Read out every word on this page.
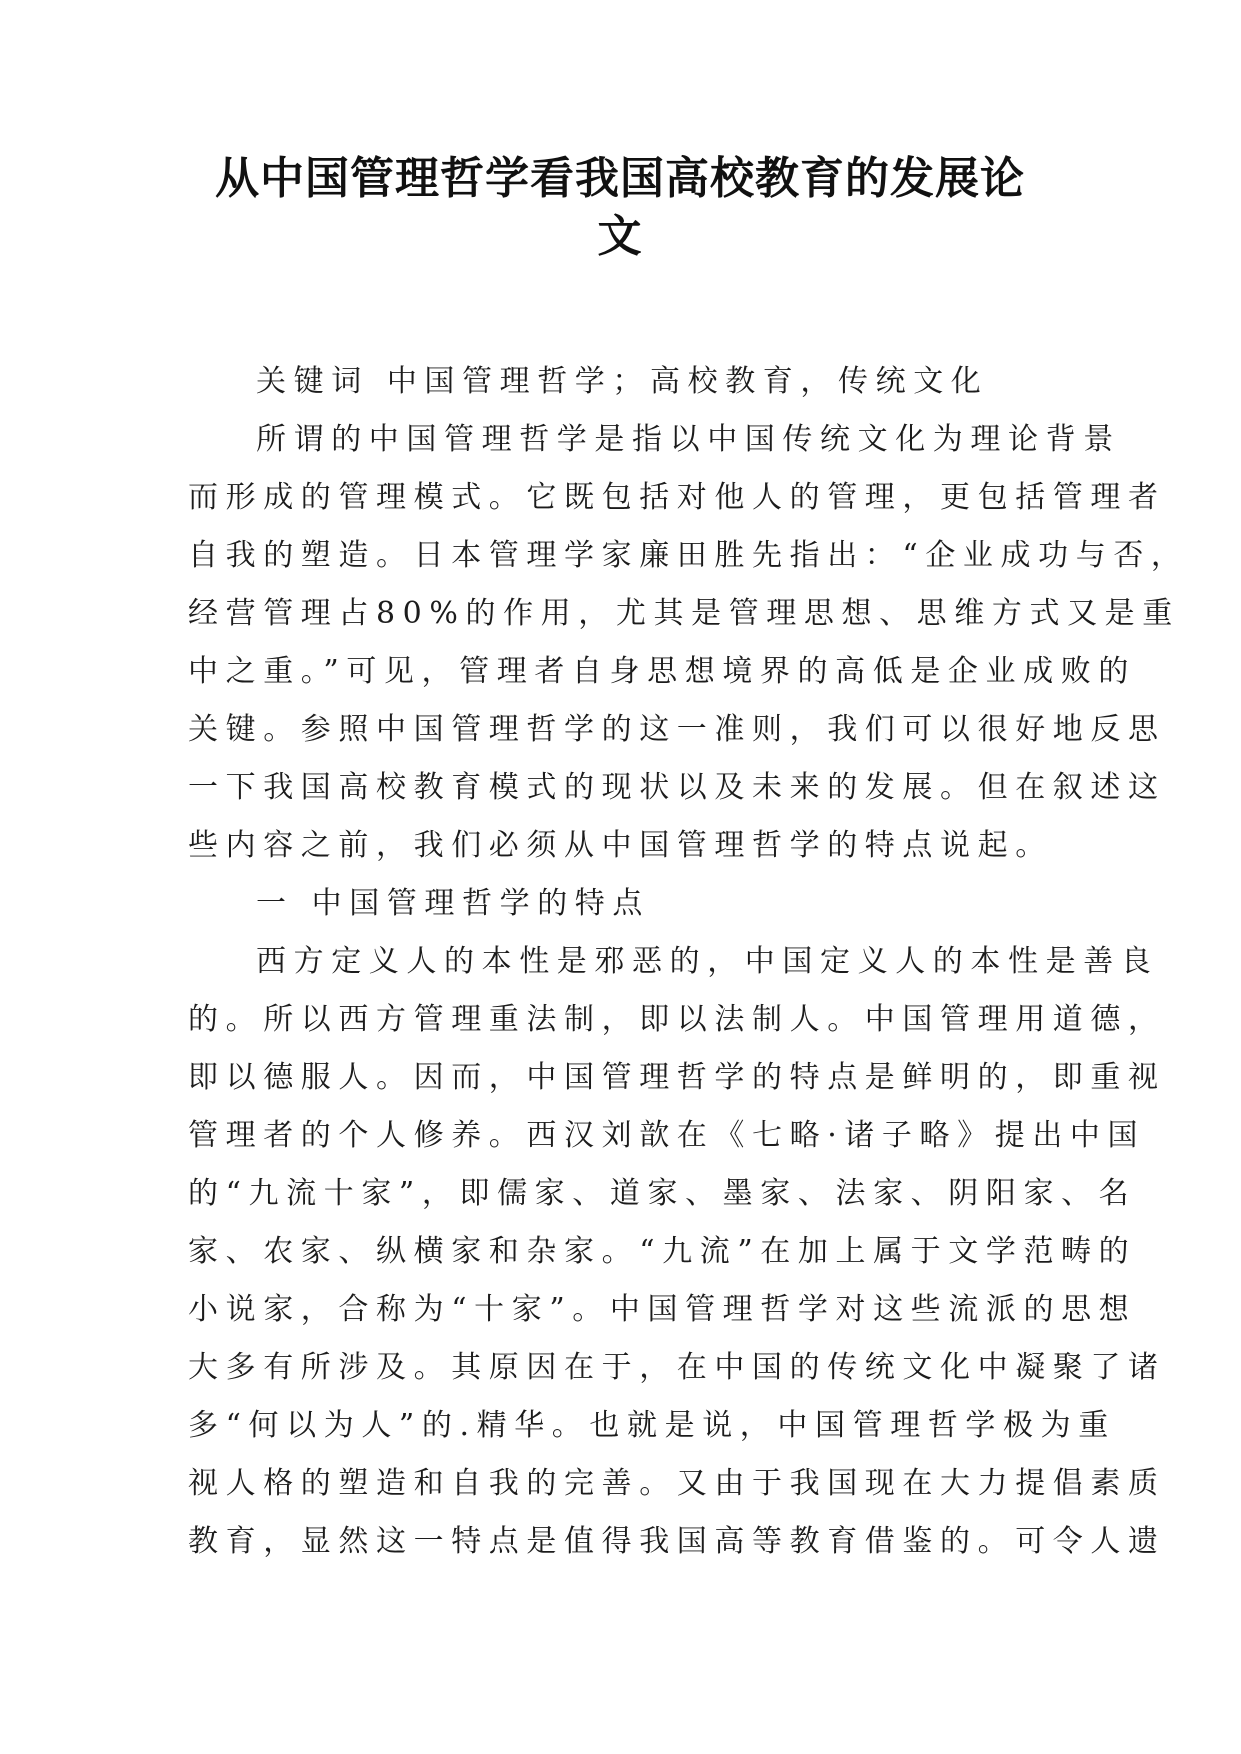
从中国管理哲学看我国高校教育的发展论
文
关键词 中国管理哲学；高校教育，传统文化
所谓的中国管理哲学是指以中国传统文化为理论背景
而形成的管理模式。它既包括对他人的管理，更包括管理者
自我的塑造。日本管理学家廉田胜先指出：“企业成功与否，
经营管理占80%的作用，尤其是管理思想、思维方式又是重
中之重。”可见，管理者自身思想境界的高低是企业成败的
关键。参照中国管理哲学的这一准则，我们可以很好地反思
一下我国高校教育模式的现状以及未来的发展。但在叙述这
些内容之前，我们必须从中国管理哲学的特点说起。
一 中国管理哲学的特点
西方定义人的本性是邪恶的，中国定义人的本性是善良
的。所以西方管理重法制，即以法制人。中国管理用道德，
即以德服人。因而，中国管理哲学的特点是鲜明的，即重视
管理者的个人修养。西汉刘歆在《七略·诸子略》提出中国
的“九流十家”，即儒家、道家、墨家、法家、阴阳家、名
家、农家、纵横家和杂家。“九流”在加上属于文学范畴的
小说家，合称为“十家”。中国管理哲学对这些流派的思想
大多有所涉及。其原因在于，在中国的传统文化中凝聚了诸
多“何以为人”的.精华。也就是说，中国管理哲学极为重
视人格的塑造和自我的完善。又由于我国现在大力提倡素质
教育，显然这一特点是值得我国高等教育借鉴的。可令人遗
